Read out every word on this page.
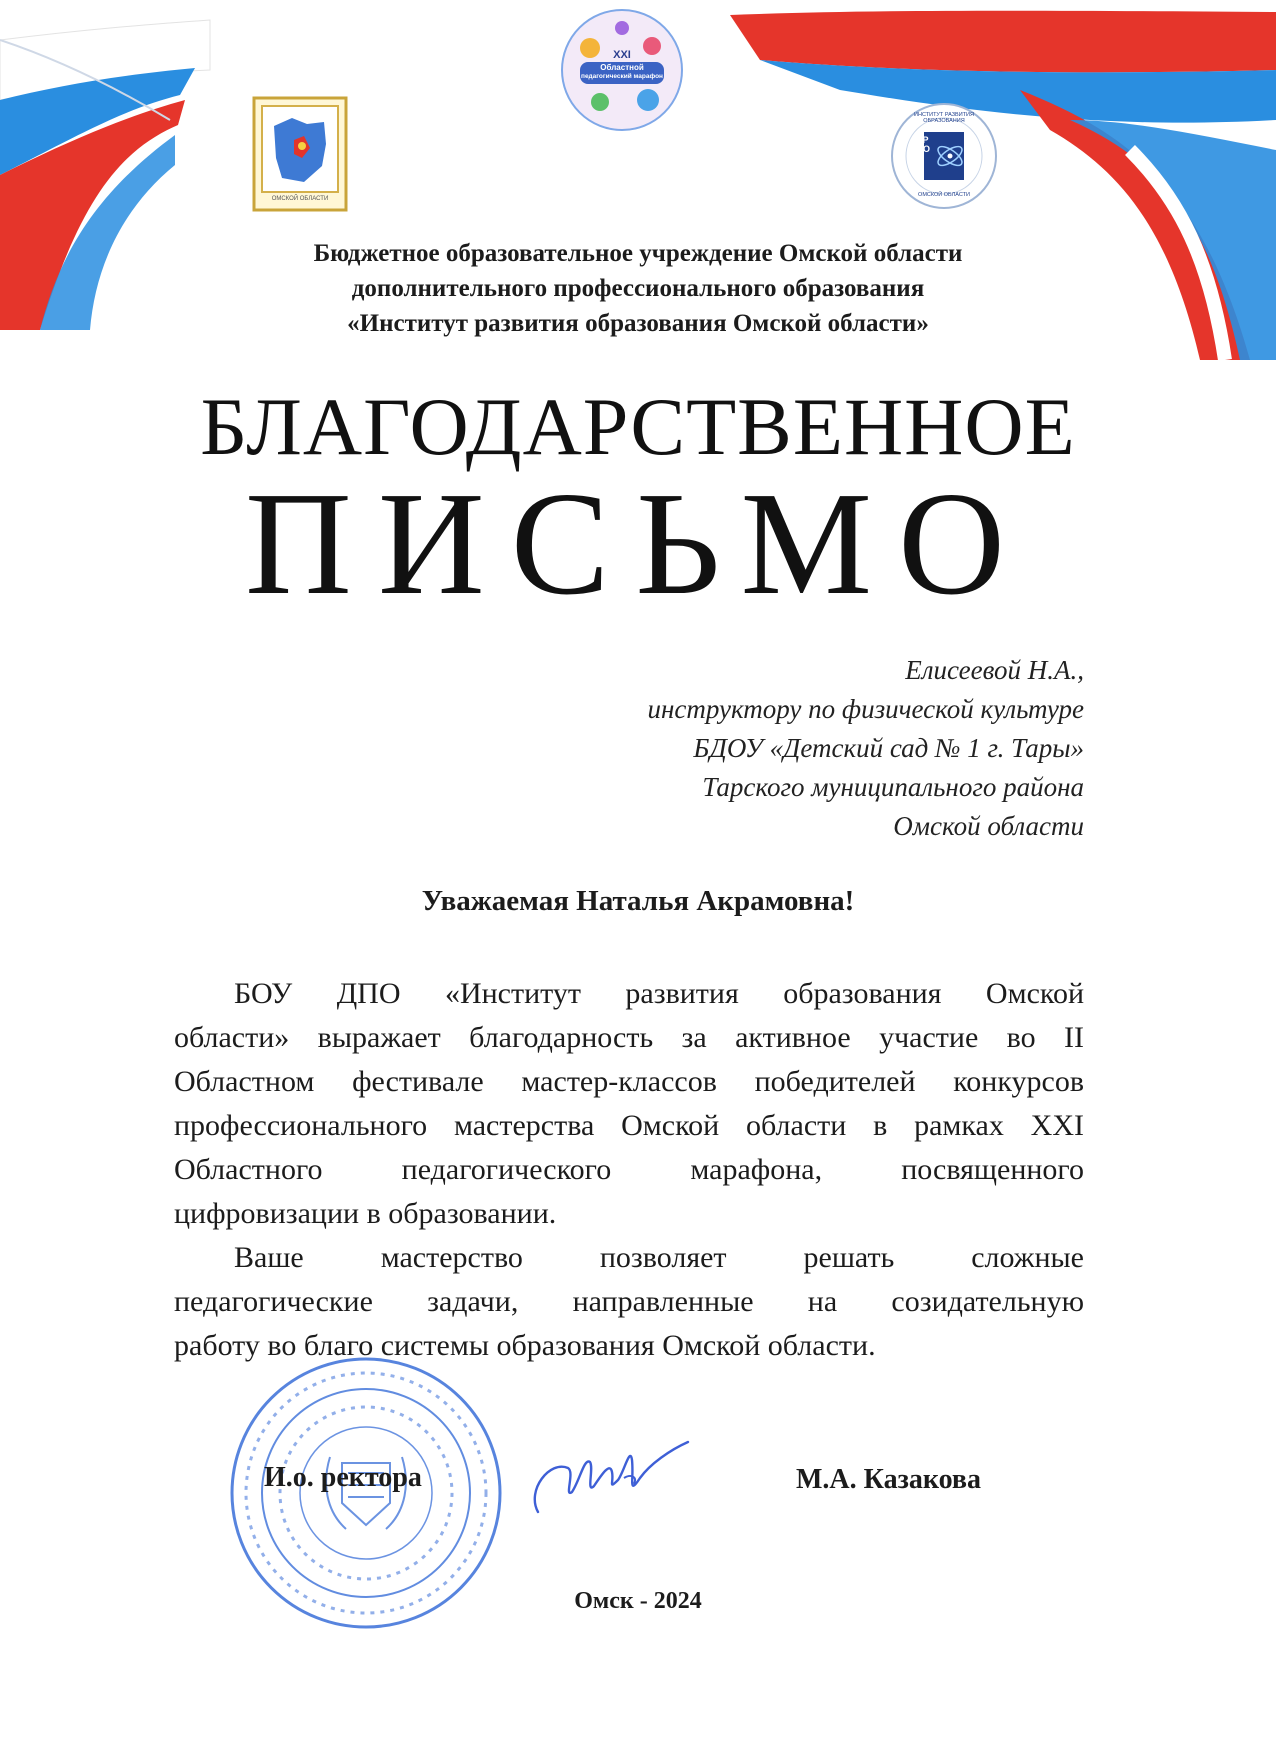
ОМСКОЙ ОБЛАСТИ
XXI
Областной
педагогический марафон
ИНСТИТУТ РАЗВИТИЯ ОБРАЗОВАНИЯ
ИРООО
ОМСКОЙ ОБЛАСТИ
Бюджетное образовательное учреждение Омской области
дополнительного профессионального образования
«Институт развития образования Омской области»
БЛАГОДАРСТВЕННОЕ
ПИСЬМО
Елисеевой Н.А.,
инструктору по физической культуре
БДОУ «Детский сад № 1 г. Тары»
Тарского муниципального района
Омской области
Уважаемая Наталья Акрамовна!
БОУ ДПО «Институт развития образования Омской
области» выражает благодарность за активное участие во II
Областном фестивале мастер-классов победителей конкурсов
профессионального мастерства Омской области в рамках XXI
Областного педагогического марафона, посвященного
цифровизации в образовании.
Ваше мастерство позволяет решать сложные
педагогические задачи, направленные на созидательную
работу во благо системы образования Омской области.
И.о. ректора	М.А. Казакова
Омск - 2024
